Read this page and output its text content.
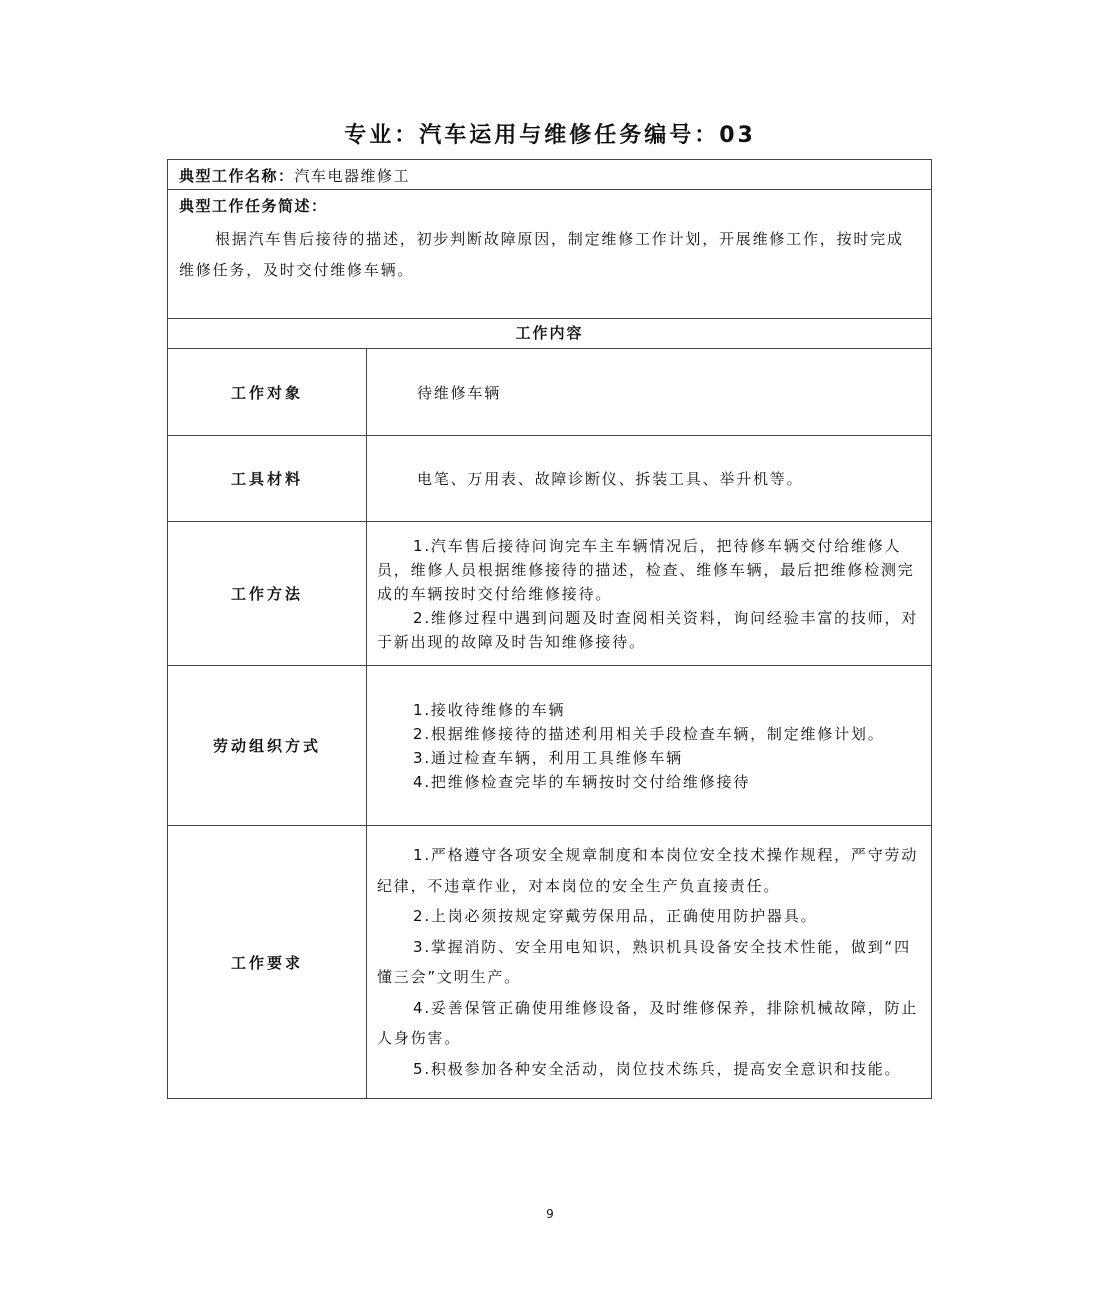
专业：汽车运用与维修任务编号：03
典型工作名称：汽车电器维修工
典型工作任务简述：
根据汽车售后接待的描述，初步判断故障原因，制定维修工作计划，开展维修工作，按时完成维修任务，及时交付维修车辆。
工作内容
工作对象	待维修车辆
工具材料	电笔、万用表、故障诊断仪、拆装工具、举升机等。
工作方法
1.汽车售后接待问询完车主车辆情况后，把待修车辆交付给维修人员，维修人员根据维修接待的描述，检查、维修车辆，最后把维修检测完成的车辆按时交付给维修接待。
2.维修过程中遇到问题及时查阅相关资料，询问经验丰富的技师，对于新出现的故障及时告知维修接待。
劳动组织方式
1.接收待维修的车辆
2.根据维修接待的描述利用相关手段检查车辆，制定维修计划。
3.通过检查车辆，利用工具维修车辆
4.把维修检查完毕的车辆按时交付给维修接待
工作要求
1.严格遵守各项安全规章制度和本岗位安全技术操作规程，严守劳动纪律，不违章作业，对本岗位的安全生产负直接责任。
2.上岗必须按规定穿戴劳保用品，正确使用防护器具。
3.掌握消防、安全用电知识，熟识机具设备安全技术性能，做到“四懂三会”文明生产。
4.妥善保管正确使用维修设备，及时维修保养，排除机械故障，防止人身伤害。
5.积极参加各种安全活动，岗位技术练兵，提高安全意识和技能。
9
